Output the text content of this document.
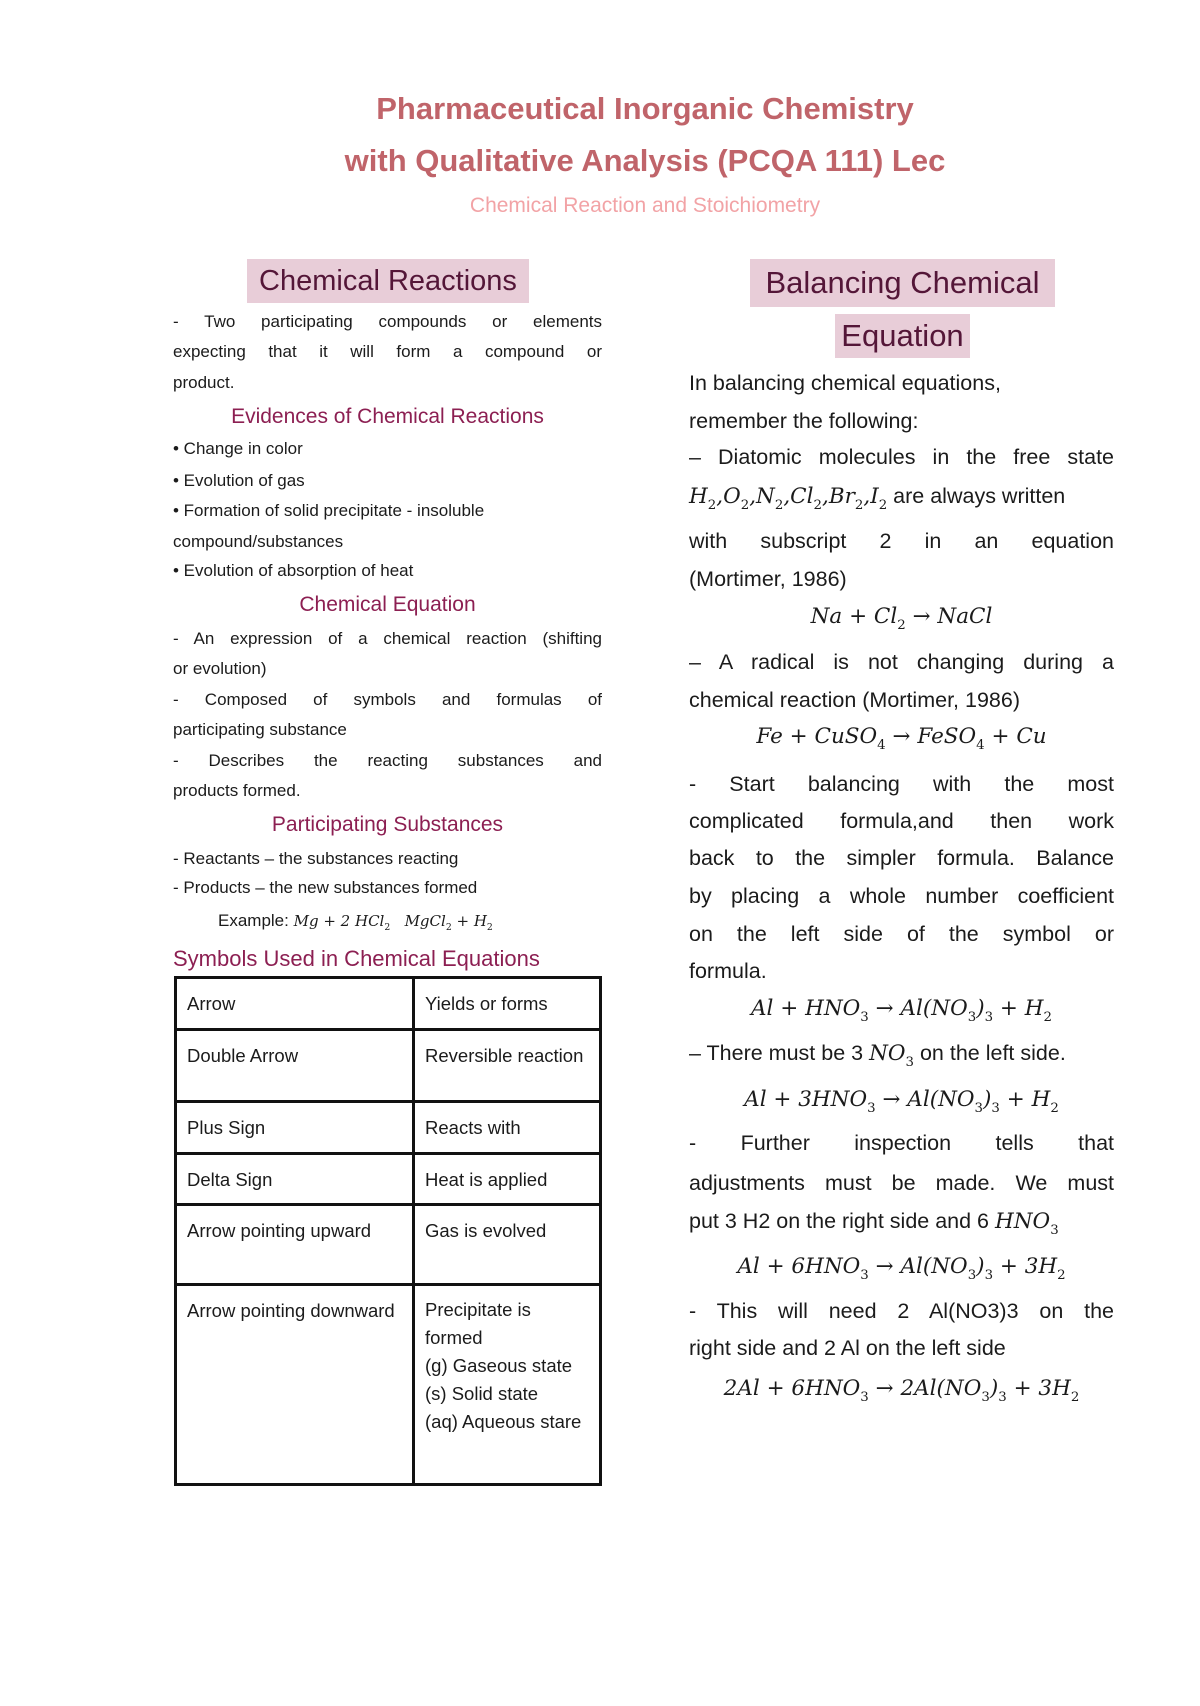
Pharmaceutical Inorganic Chemistry
with Qualitative Analysis (PCQA 111) Lec
Chemical Reaction and Stoichiometry
Chemical Reactions
- Two participating compounds or elements
expecting that it will form a compound or
product.
Evidences of Chemical Reactions
• Change in color
• Evolution of gas
• Formation of solid precipitate - insoluble
compound/substances
• Evolution of absorption of heat
Chemical Equation
- An expression of a chemical reaction (shifting
or evolution)
- Composed of symbols and formulas of
participating substance
- Describes the reacting substances and
products formed.
Participating Substances
- Reactants – the substances reacting
- Products – the new substances formed
Example: Mg + 2 HCl$_2$   MgCl$_2$ + $H_2$
Symbols Used in Chemical Equations
Arrow	Yields or forms
Double Arrow	Reversible reaction
Plus Sign	Reacts with
Delta Sign	Heat is applied
Arrow pointing upward	Gas is evolved
Arrow pointing downward	Precipitate is formed
(g) Gaseous state
(s) Solid state
(aq) Aqueous stare
Balancing Chemical
Equation
In balancing chemical equations,
remember the following:
– Diatomic molecules in the free state
$H_2,O_2,N_2,Cl_2,Br_2,I_2$ are always written
with subscript 2 in an equation
(Mortimer, 1986)
$Na + Cl_2$ → NaCl
– A radical is not changing during a
chemical reaction (Mortimer, 1986)
Fe + CuSO$_4$ → FeSO$_4$ + Cu
- Start balancing with the most
complicated formula,and then work
back to the simpler formula. Balance
by placing a whole number coefficient
on the left side of the symbol or
formula.
$Al + HNO_3 \to Al(NO_3)_3 + H_2$
– There must be 3 $NO_3$ on the left side.
$Al + 3HNO_3 \to Al(NO_3)_3 + H_2$
- Further inspection tells that
adjustments must be made. We must
put 3 H2 on the right side and 6 $HNO_3$
$Al + 6HNO_3 \to Al(NO_3)_3 + 3H_2$
- This will need 2 Al(NO3)3 on the
right side and 2 Al on the left side
$2Al + 6HNO_3 \to 2Al(NO_3)_3 + 3H_2$
